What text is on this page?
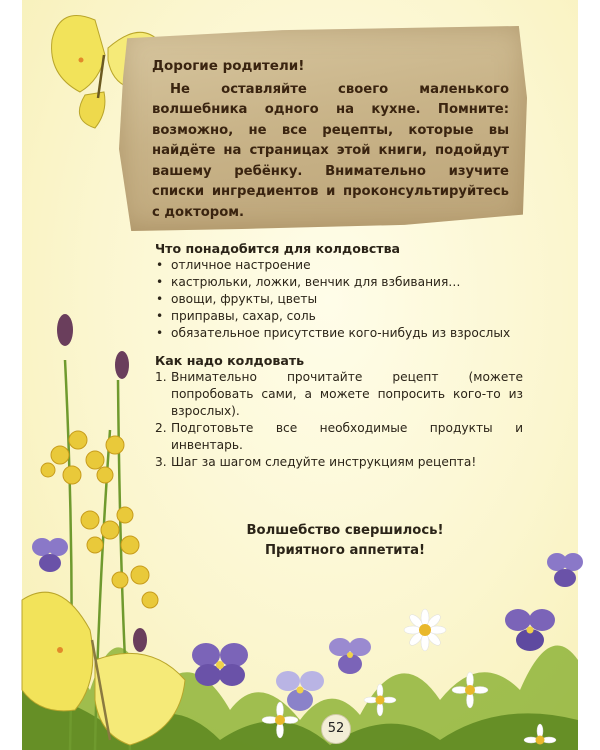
Дорогие родители!

Не оставляйте своего маленького волшебника одного на кухне. Помните: возможно, не все рецепты, которые вы найдёте на страницах этой книги, подойдут вашему ребёнку. Внимательно изучите списки ингредиентов и проконсультируйтесь с доктором.

Что понадобится для колдовства

• отличное настроение
• кастрюльки, ложки, венчик для взбивания…
• овощи, фрукты, цветы
• приправы, сахар, соль
• обязательное присутствие кого-нибудь из взрослых

Как надо колдовать

1. Внимательно прочитайте рецепт (можете попробовать сами, а можете попросить кого-то из взрослых).
2. Подготовьте все необходимые продукты и инвентарь.
3. Шаг за шагом следуйте инструкциям рецепта!
Волшебство свершилось!
Приятного аппетита!
52
